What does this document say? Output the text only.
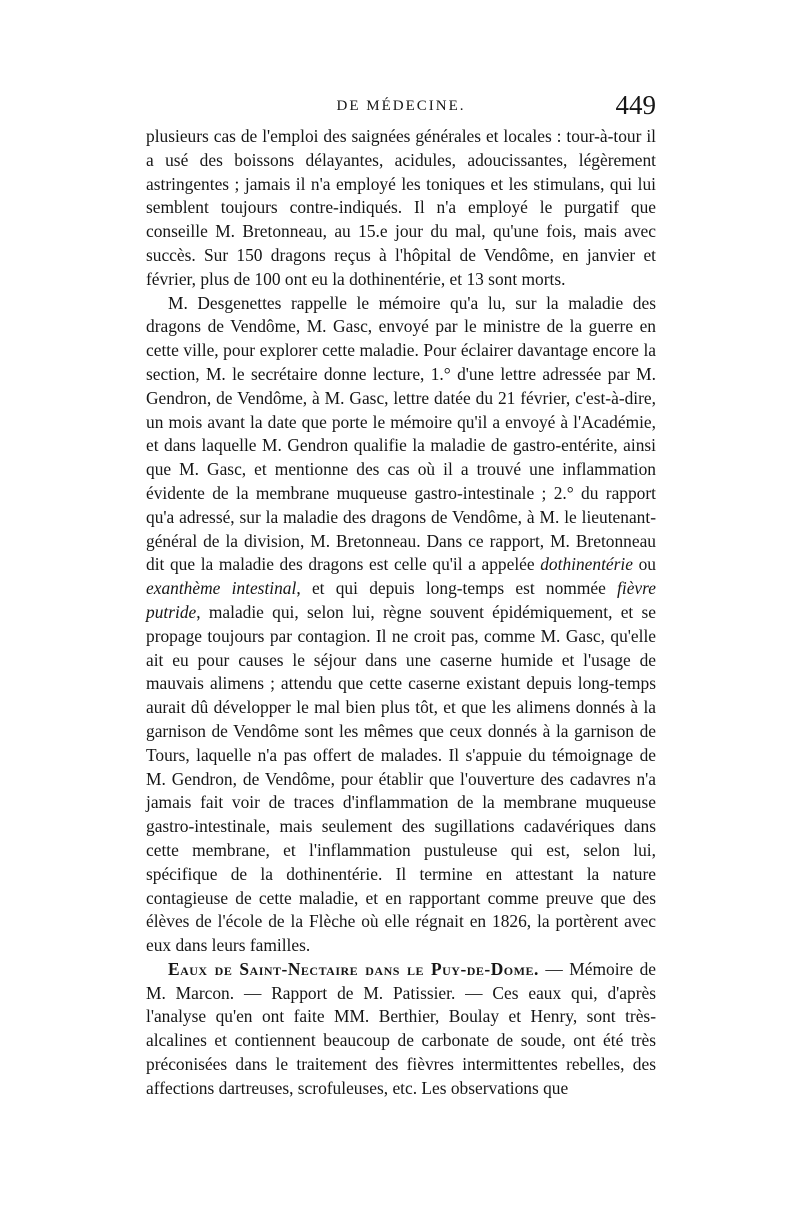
DE MÉDECINE.	449

plusieurs cas de l'emploi des saignées générales et locales : tour-à-tour il a usé des boissons délayantes, acidules, adoucissantes, légèrement astringentes ; jamais il n'a employé les toniques et les stimulans, qui lui semblent toujours contre-indiqués. Il n'a employé le purgatif que conseille M. Bretonneau, au 15.e jour du mal, qu'une fois, mais avec succès. Sur 150 dragons reçus à l'hôpital de Vendôme, en janvier et février, plus de 100 ont eu la dothinentérie, et 13 sont morts.

M. Desgenettes rappelle le mémoire qu'a lu, sur la maladie des dragons de Vendôme, M. Gasc, envoyé par le ministre de la guerre en cette ville, pour explorer cette maladie. Pour éclairer davantage encore la section, M. le secrétaire donne lecture, 1.° d'une lettre adressée par M. Gendron, de Vendôme, à M. Gasc, lettre datée du 21 février, c'est-à-dire, un mois avant la date que porte le mémoire qu'il a envoyé à l'Académie, et dans laquelle M. Gendron qualifie la maladie de gastro-entérite, ainsi que M. Gasc, et mentionne des cas où il a trouvé une inflammation évidente de la membrane muqueuse gastro-intestinale ; 2.° du rapport qu'a adressé, sur la maladie des dragons de Vendôme, à M. le lieutenant-général de la division, M. Bretonneau. Dans ce rapport, M. Bretonneau dit que la maladie des dragons est celle qu'il a appelée dothinentérie ou exanthème intestinal, et qui depuis long-temps est nommée fièvre putride, maladie qui, selon lui, règne souvent épidémiquement, et se propage toujours par contagion. Il ne croit pas, comme M. Gasc, qu'elle ait eu pour causes le séjour dans une caserne humide et l'usage de mauvais alimens ; attendu que cette caserne existant depuis long-temps aurait dû développer le mal bien plus tôt, et que les alimens donnés à la garnison de Vendôme sont les mêmes que ceux donnés à la garnison de Tours, laquelle n'a pas offert de malades. Il s'appuie du témoignage de M. Gendron, de Vendôme, pour établir que l'ouverture des cadavres n'a jamais fait voir de traces d'inflammation de la membrane muqueuse gastro-intestinale, mais seulement des sugillations cadavériques dans cette membrane, et l'inflammation pustuleuse qui est, selon lui, spécifique de la dothinentérie. Il termine en attestant la nature contagieuse de cette maladie, et en rapportant comme preuve que des élèves de l'école de la Flèche où elle régnait en 1826, la portèrent avec eux dans leurs familles.

Eaux de Saint-Nectaire dans le Puy-de-Dome. — Mémoire de M. Marcon. — Rapport de M. Patissier. — Ces eaux qui, d'après l'analyse qu'en ont faite MM. Berthier, Boulay et Henry, sont très-alcalines et contiennent beaucoup de carbonate de soude, ont été très préconisées dans le traitement des fièvres intermittentes rebelles, des affections dartreuses, scrofuleuses, etc. Les observations que
